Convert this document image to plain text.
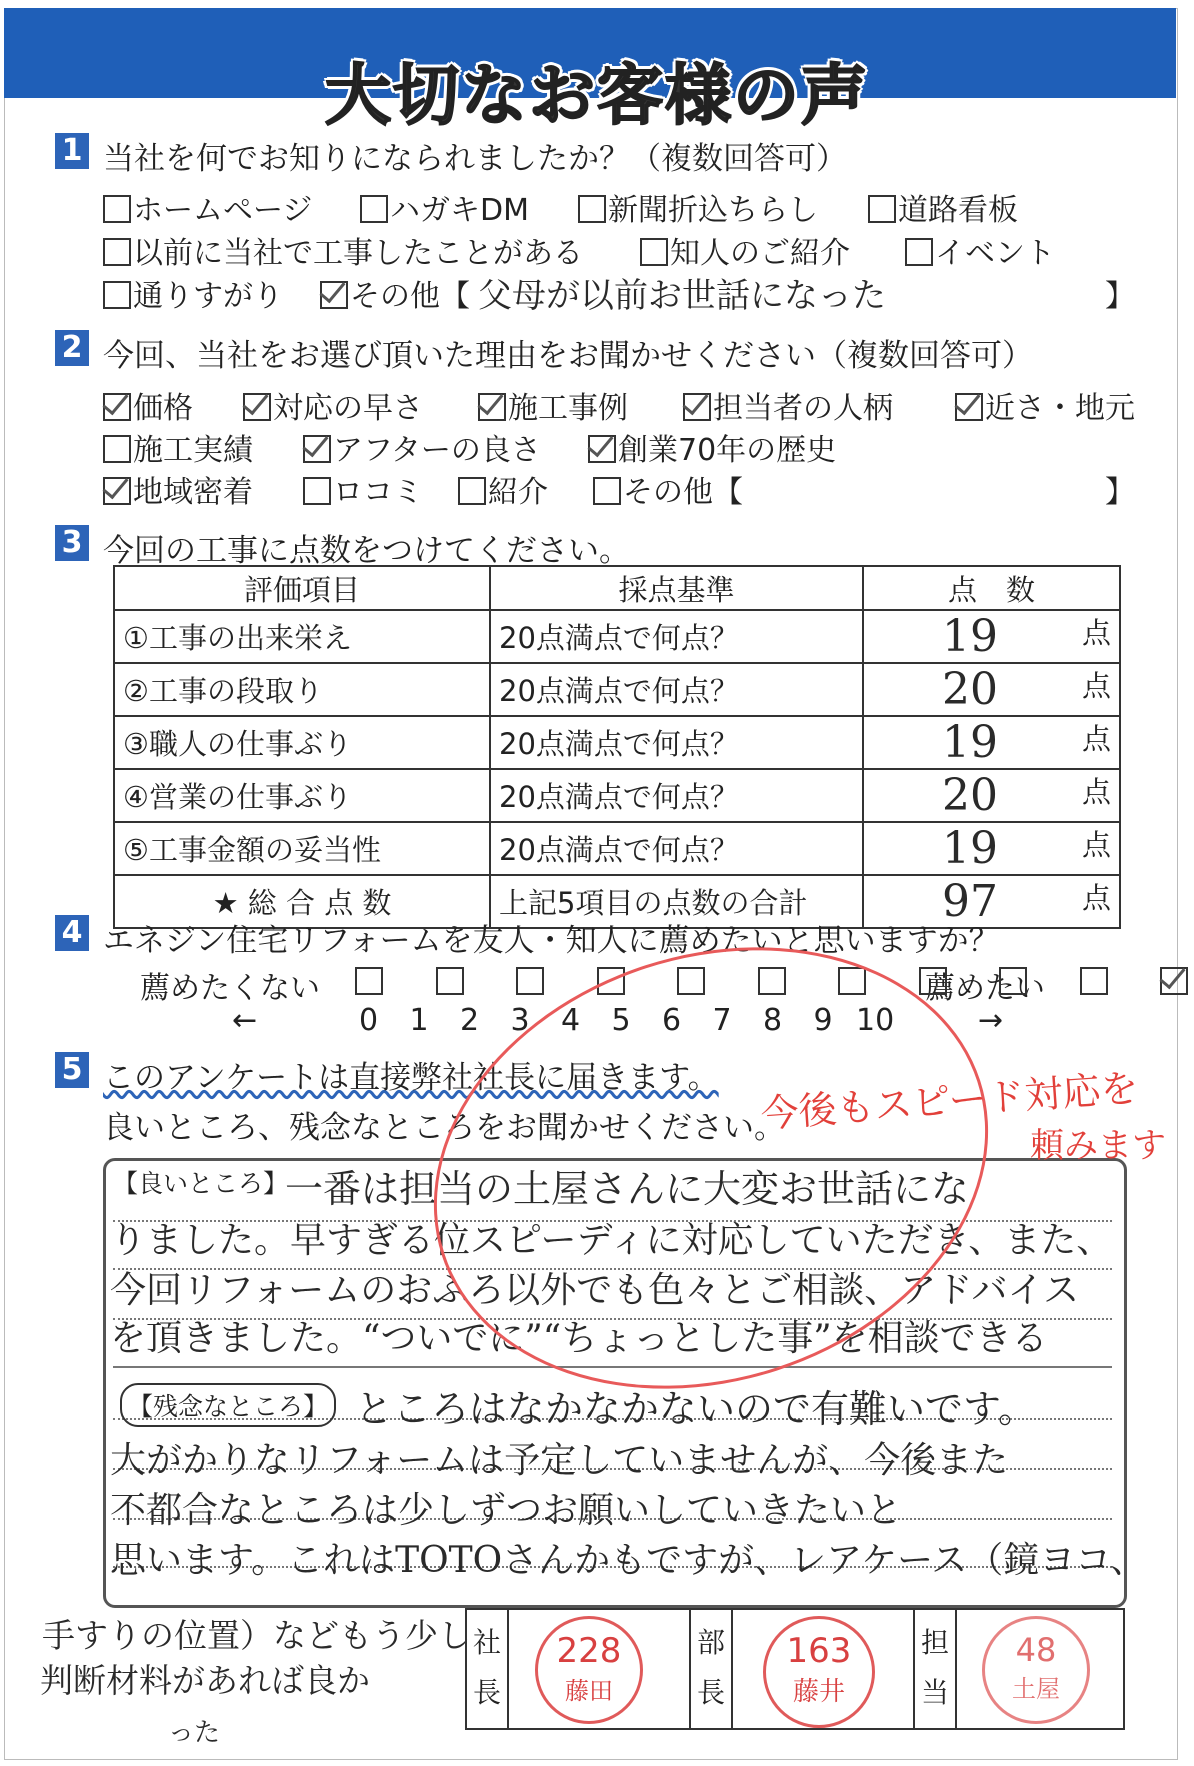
大切なお客様の声
1 当社を何でお知りになられましたか？（複数回答可）
ホームページ	ハガキDM	新聞折込ちらし	道路看板
以前に当社で工事したことがある	知人のご紹介	イベント
通りすがり	その他【 父母が以前お世話になった	】
2 今回、当社をお選び頂いた理由をお聞かせください（複数回答可）
価格	対応の早さ	施工事例	担当者の人柄	近さ・地元
施工実績	アフターの良さ	創業70年の歴史
地域密着	ロコミ	紹介	その他【	】
3 今回の工事に点数をつけてください。
評価項目	採点基準	点　数
①工事の出来栄え	20点満点で何点？	19 点

②工事の段取り	20点満点で何点？	20 点

③職人の仕事ぶり	20点満点で何点？	19 点

④営業の仕事ぶり	20点満点で何点？	20 点

⑤工事金額の妥当性	20点満点で何点？	19 点

★ 総 合 点 数	上記5項目の点数の合計	97 点
4 エネジン住宅リフォームを友人・知人に薦めたいと思いますか？
薦めたくない	薦めたい
0 1 2 3 4 5 6 7 8 9 10
←	→
5 このアンケートは直接弊社社長に届きます。
良いところ、残念なところをお聞かせください。
【良いところ】
一番は担当の土屋さんに大変お世話にな
りました。早すぎる位スピーディに対応していただき、また、
今回リフォームのおふろ以外でも色々とご相談、アドバイス
を頂きました。“ついでに”“ちょっとした事”を相談できる
【残念なところ】 ところはなかなかないので有難いです。
大がかりなリフォームは予定していませんが、今後また
不都合なところは少しずつお願いしていきたいと
思います。これはTOTOさんかもですが、レアケース（鏡ヨコ、
手すりの位置）などもう少し
判断材料があれば良か
った
今後もスピード対応を
頼みます
社長
228
藤田
部長
163
藤井
担当
48
土屋
